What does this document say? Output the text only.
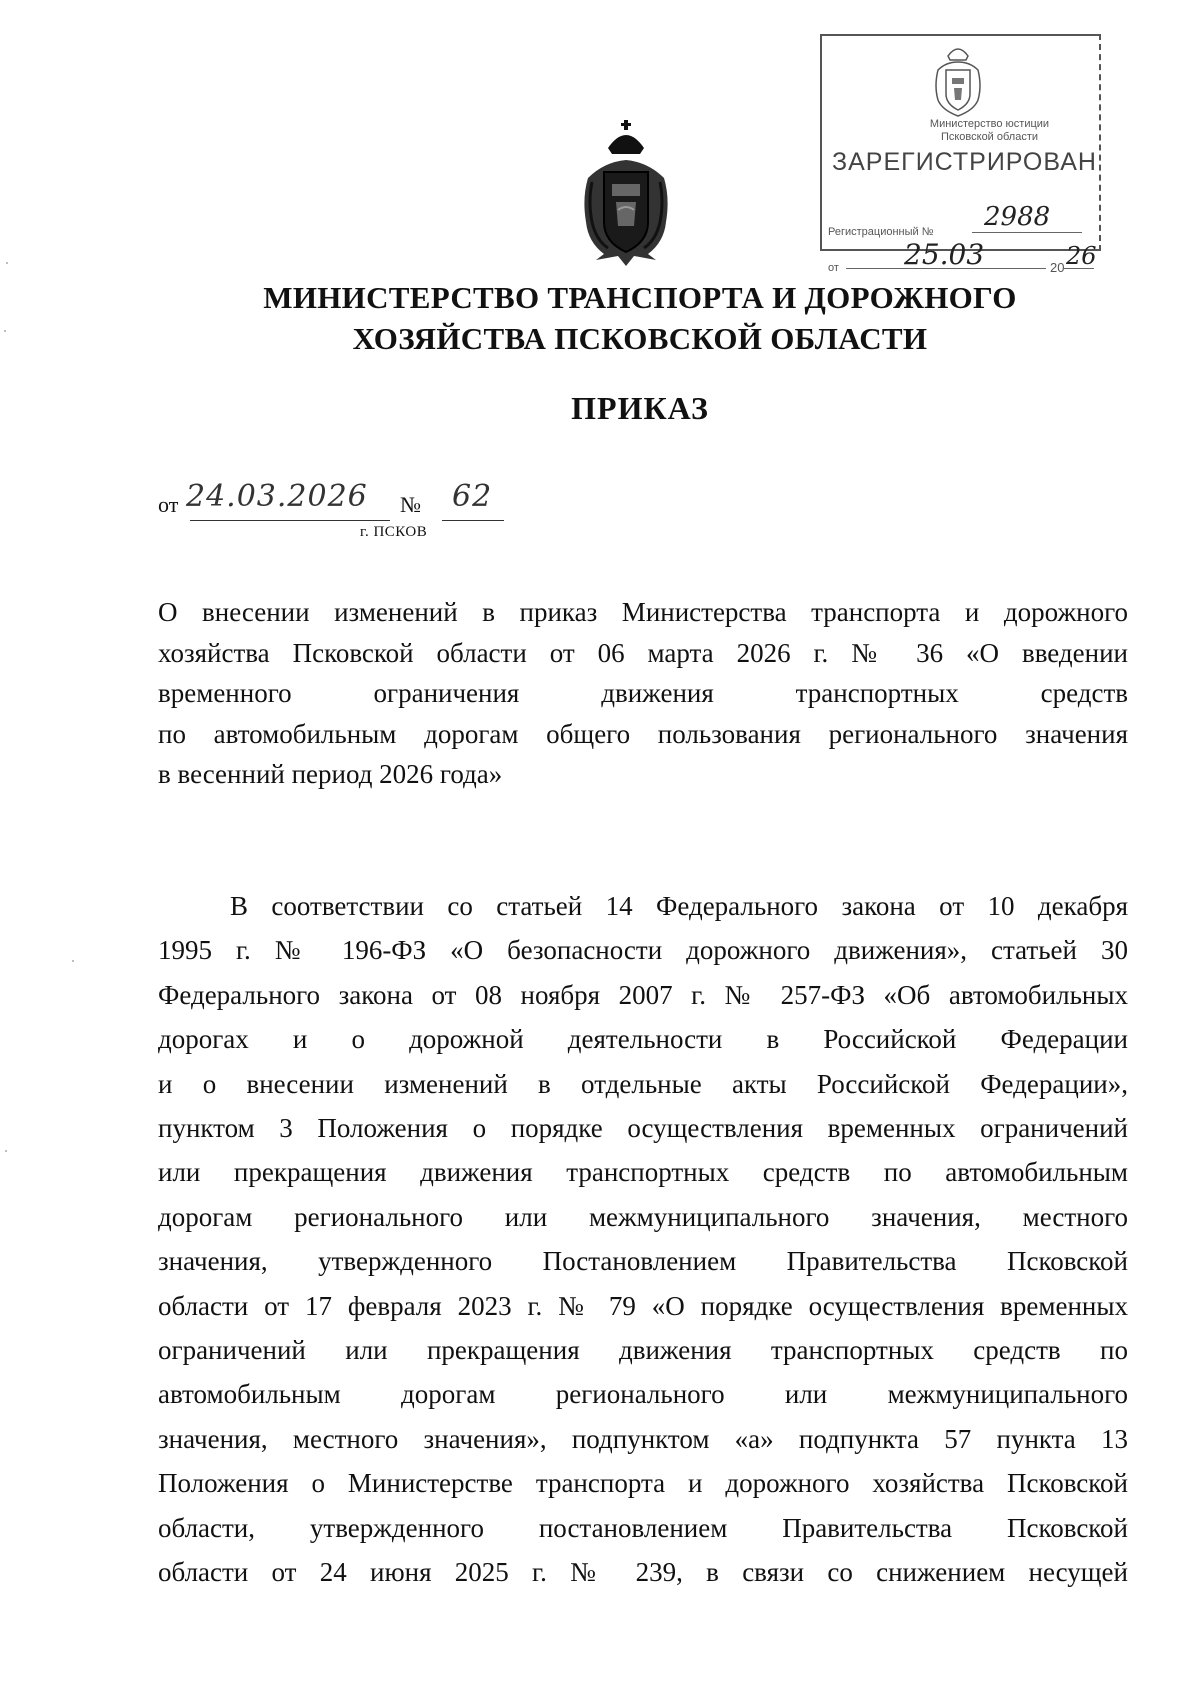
Министерство юстиции
Псковской области
ЗАРЕГИСТРИРОВАН
Регистрационный № 2988
от 25.03	20 26
МИНИСТЕРСТВО ТРАНСПОРТА И ДОРОЖНОГО
ХОЗЯЙСТВА ПСКОВСКОЙ ОБЛАСТИ
ПРИКАЗ
от 24.03.2026 № 62
г. ПСКОВ
О внесении изменений в приказ Министерства транспорта и дорожного
хозяйства Псковской области от 06 марта 2026 г. № 36 «О введении
временного ограничения движения транспортных средств
по автомобильным дорогам общего пользования регионального значения
в весенний период 2026 года»
В соответствии со статьей 14 Федерального закона от 10 декабря
1995 г. № 196-ФЗ «О безопасности дорожного движения», статьей 30
Федерального закона от 08 ноября 2007 г. № 257-ФЗ «Об автомобильных
дорогах и о дорожной деятельности в Российской Федерации
и о внесении изменений в отдельные акты Российской Федерации»,
пунктом 3 Положения о порядке осуществления временных ограничений
или прекращения движения транспортных средств по автомобильным
дорогам регионального или межмуниципального значения, местного
значения, утвержденного Постановлением Правительства Псковской
области от 17 февраля 2023 г. № 79 «О порядке осуществления временных
ограничений или прекращения движения транспортных средств по
автомобильным дорогам регионального или межмуниципального
значения, местного значения», подпунктом «а» подпункта 57 пункта 13
Положения о Министерстве транспорта и дорожного хозяйства Псковской
области, утвержденного постановлением Правительства Псковской
области от 24 июня 2025 г. № 239, в связи со снижением несущей
